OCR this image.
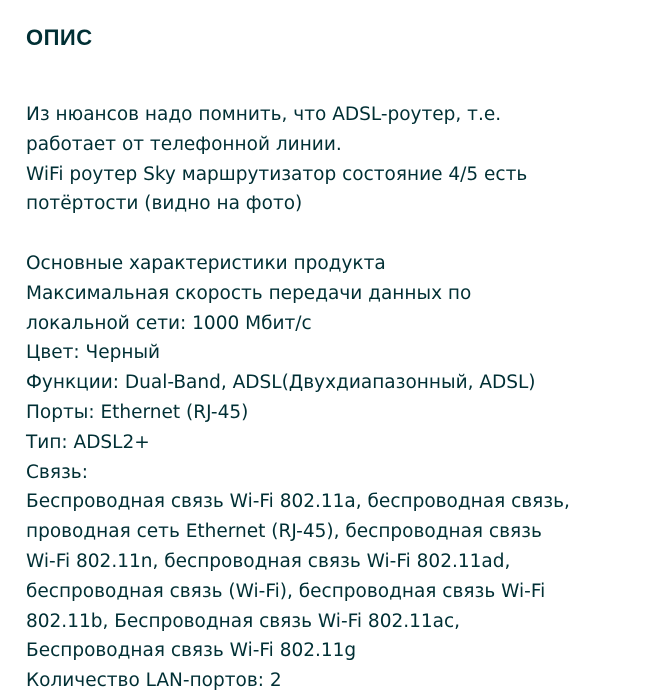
ОПИС
Из нюансов надо помнить, что ADSL-роутер, т.е.
работает от телефонной линии.
WiFi роутер Sky маршрутизатор состояние 4/5 есть
потёртости (видно на фото)
Основные характеристики продукта
Максимальная скорость передачи данных по
локальной сети: 1000 Мбит/с
Цвет: Черный
Функции: Dual-Band, ADSL(Двухдиапазонный, ADSL)
Порты: Ethernet (RJ-45)
Тип: ADSL2+
Связь:
Беспроводная связь Wi-Fi 802.11a, беспроводная связь,
проводная сеть Ethernet (RJ-45), беспроводная связь
Wi-Fi 802.11n, беспроводная связь Wi-Fi 802.11ad,
беспроводная связь (Wi-Fi), беспроводная связь Wi-Fi
802.11b, Беспроводная связь Wi-Fi 802.11ac,
Беспроводная связь Wi-Fi 802.11g
Количество LAN-портов: 2
